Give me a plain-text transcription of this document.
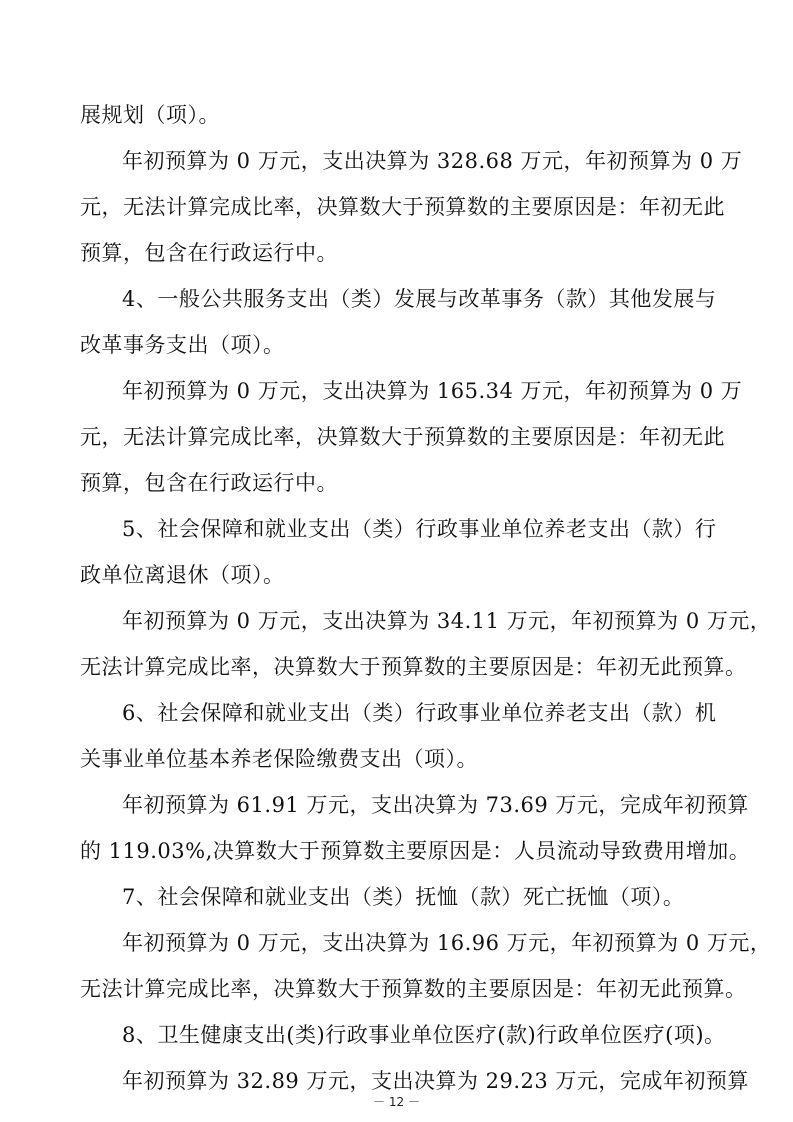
展规划（项）。
年初预算为 0 万元，支出决算为 328.68 万元，年初预算为 0 万
元，无法计算完成比率，决算数大于预算数的主要原因是：年初无此
预算，包含在行政运行中。
4、一般公共服务支出（类）发展与改革事务（款）其他发展与
改革事务支出（项）。
年初预算为 0 万元，支出决算为 165.34 万元，年初预算为 0 万
元，无法计算完成比率，决算数大于预算数的主要原因是：年初无此
预算，包含在行政运行中。
5、社会保障和就业支出（类）行政事业单位养老支出（款）行
政单位离退休（项）。
年初预算为 0 万元，支出决算为 34.11 万元，年初预算为 0 万元，
无法计算完成比率，决算数大于预算数的主要原因是：年初无此预算。
6、社会保障和就业支出（类）行政事业单位养老支出（款）机
关事业单位基本养老保险缴费支出（项）。
年初预算为 61.91 万元，支出决算为 73.69 万元，完成年初预算
的 119.03%,决算数大于预算数主要原因是：人员流动导致费用增加。
7、社会保障和就业支出（类）抚恤（款）死亡抚恤（项）。
年初预算为 0 万元，支出决算为 16.96 万元，年初预算为 0 万元，
无法计算完成比率，决算数大于预算数的主要原因是：年初无此预算。
8、卫生健康支出(类)行政事业单位医疗(款)行政单位医疗(项)。
年初预算为 32.89 万元，支出决算为 29.23 万元，完成年初预算
－ 12 －
